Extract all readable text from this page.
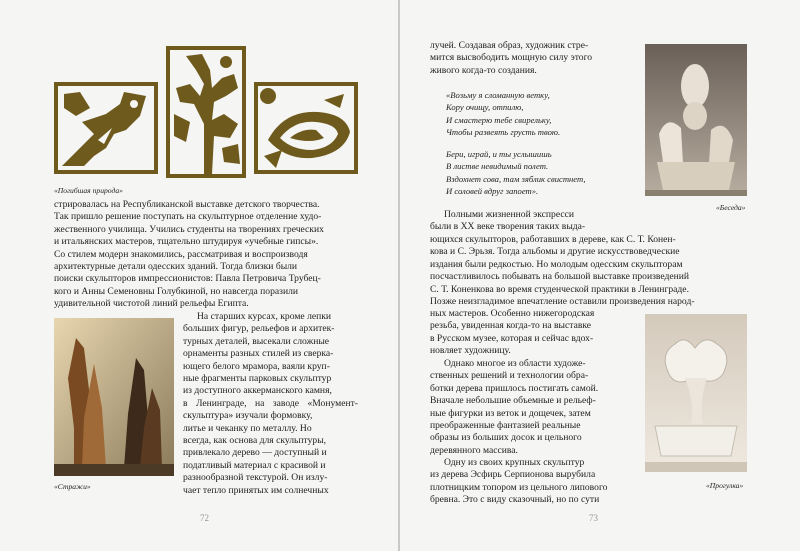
«Погибшая природа»

стрировалась на Республиканской выставке детского творчества.

Так пришло решение поступать на скульптурное отделение худо-

жественного училища. Учились студенты на творениях греческих

и итальянских мастеров, тщательно штудируя «учебные гипсы».

Со стилем модерн знакомились, рассматривая и воспроизводя

архитектурные детали одесских зданий. Тогда близки были

поиски скульпторов импрессионистов: Павла Петровича Трубец-

кого и Анны Семеновны Голубкиной, но навсегда поразили

удивительной чистотой линий рельефы Египта.

«Стражи»

На старших курсах, кроме лепки

больших фигур, рельефов и архитек-

турных деталей, высекали сложные

орнаменты разных стилей из сверка-

ющего белого мрамора, ваяли круп-

ные фрагменты парковых скульптур

из доступного аккерманского камня,

в Ленинграде, на заводе «Монумент-скульптура» изучали формовку,

литье и чеканку по металлу. Но

всегда, как основа для скульптуры,

привлекало дерево — доступный и

податливый материал с красивой и

разнообразной текстурой. Он излу-

чает тепло принятых им солнечных

72

лучей. Создавая образ, художник стре-

мится высвободить мощную силу этого

живого когда-то создания.

«Возьму я сломанную ветку,
Кору очищу, отпилю,
И смастерю тебе свирельку,
Чтобы развеять грусть твою.

Бери, играй, и ты услышишь
В листве невидимый полет.
Вздохнет сова, там зяблик свистнет,
И соловей вдруг запоет».

«Беседа»

Полными жизненной экспресси

были в XX веке творения таких выда-

ющихся скульпторов, работавших в дереве, как С. Т. Конен-

кова и С. Эрьзя. Тогда альбомы и другие искусствоведческие

издания были редкостью. Но молодым одесским скульпторам

посчастливилось побывать на большой выставке произведений

С. Т. Коненкова во время студенческой практики в Ленинграде.

Позже неизгладимое впечатление оставили произведения народ-

ных мастеров. Особенно нижегородская

резьба, увиденная когда-то на выставке

в Русском музее, которая и сейчас вдох-

новляет художницу.

Однако многое из области художе-

ственных решений и технологии обра-

ботки дерева пришлось постигать самой.

Вначале небольшие объемные и рельеф-

ные фигурки из веток и дощечек, затем

преображенные фантазией реальные

образы из больших досок и цельного

деревянного массива.

Одну из своих крупных скульптур

из дерева Эсфирь Серпионова вырубила

плотницким топором из цельного липового

бревна. Это с виду сказочный, но по сути

«Прогулка»
73
